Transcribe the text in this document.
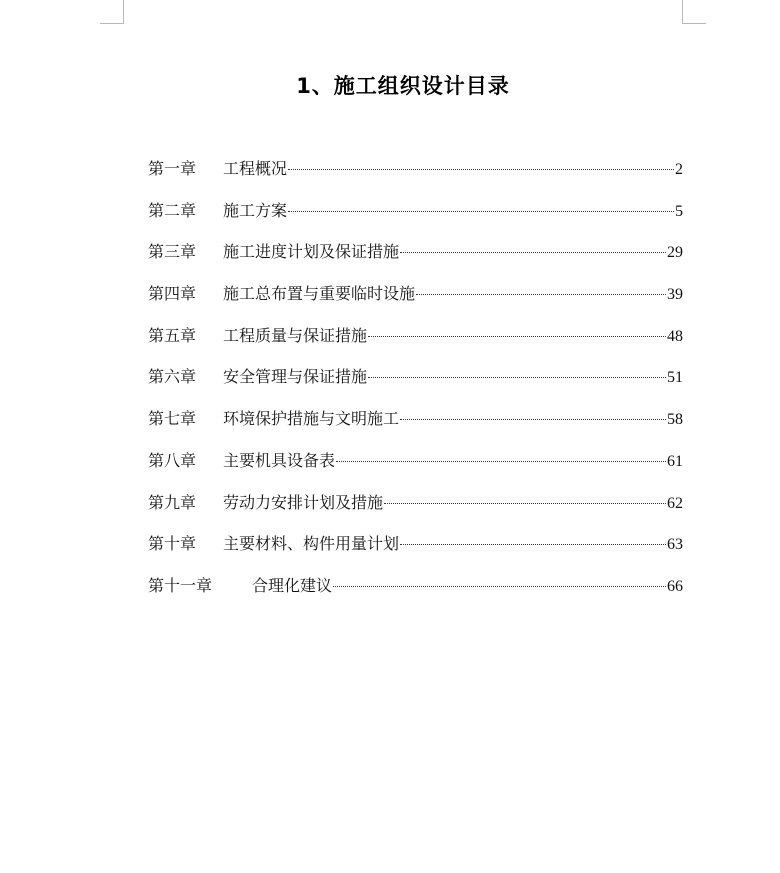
1、施工组织设计目录
第一章	工程概况	2
第二章	施工方案	5
第三章	施工进度计划及保证措施	29
第四章	施工总布置与重要临时设施	39
第五章	工程质量与保证措施	48
第六章	安全管理与保证措施	51
第七章	环境保护措施与文明施工	58
第八章	主要机具设备表	61
第九章	劳动力安排计划及措施	62
第十章	主要材料、构件用量计划	63
第十一章	合理化建议	66
